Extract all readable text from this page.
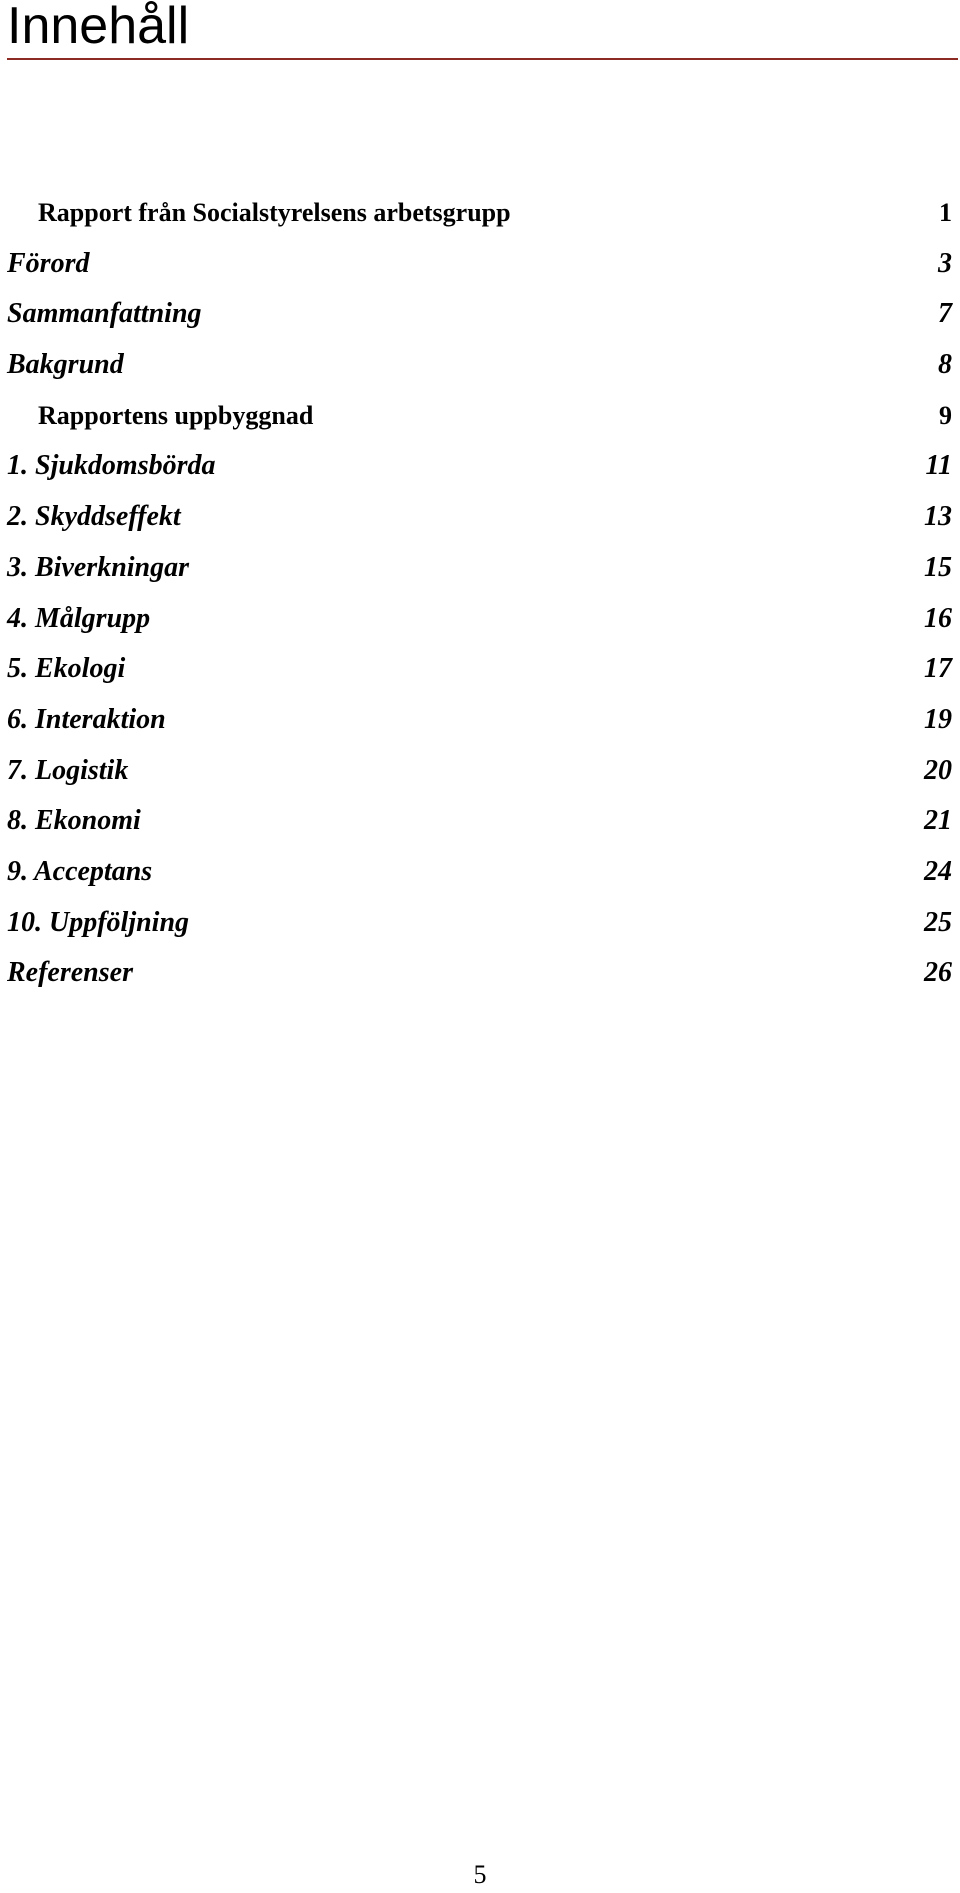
Innehåll
Rapport från Socialstyrelsens arbetsgrupp	1
Förord	3
Sammanfattning	7
Bakgrund	8
Rapportens uppbyggnad	9
1. Sjukdomsbörda	11
2. Skyddseffekt	13
3. Biverkningar	15
4. Målgrupp	16
5. Ekologi	17
6. Interaktion	19
7. Logistik	20
8. Ekonomi	21
9. Acceptans	24
10. Uppföljning	25
Referenser	26
5
